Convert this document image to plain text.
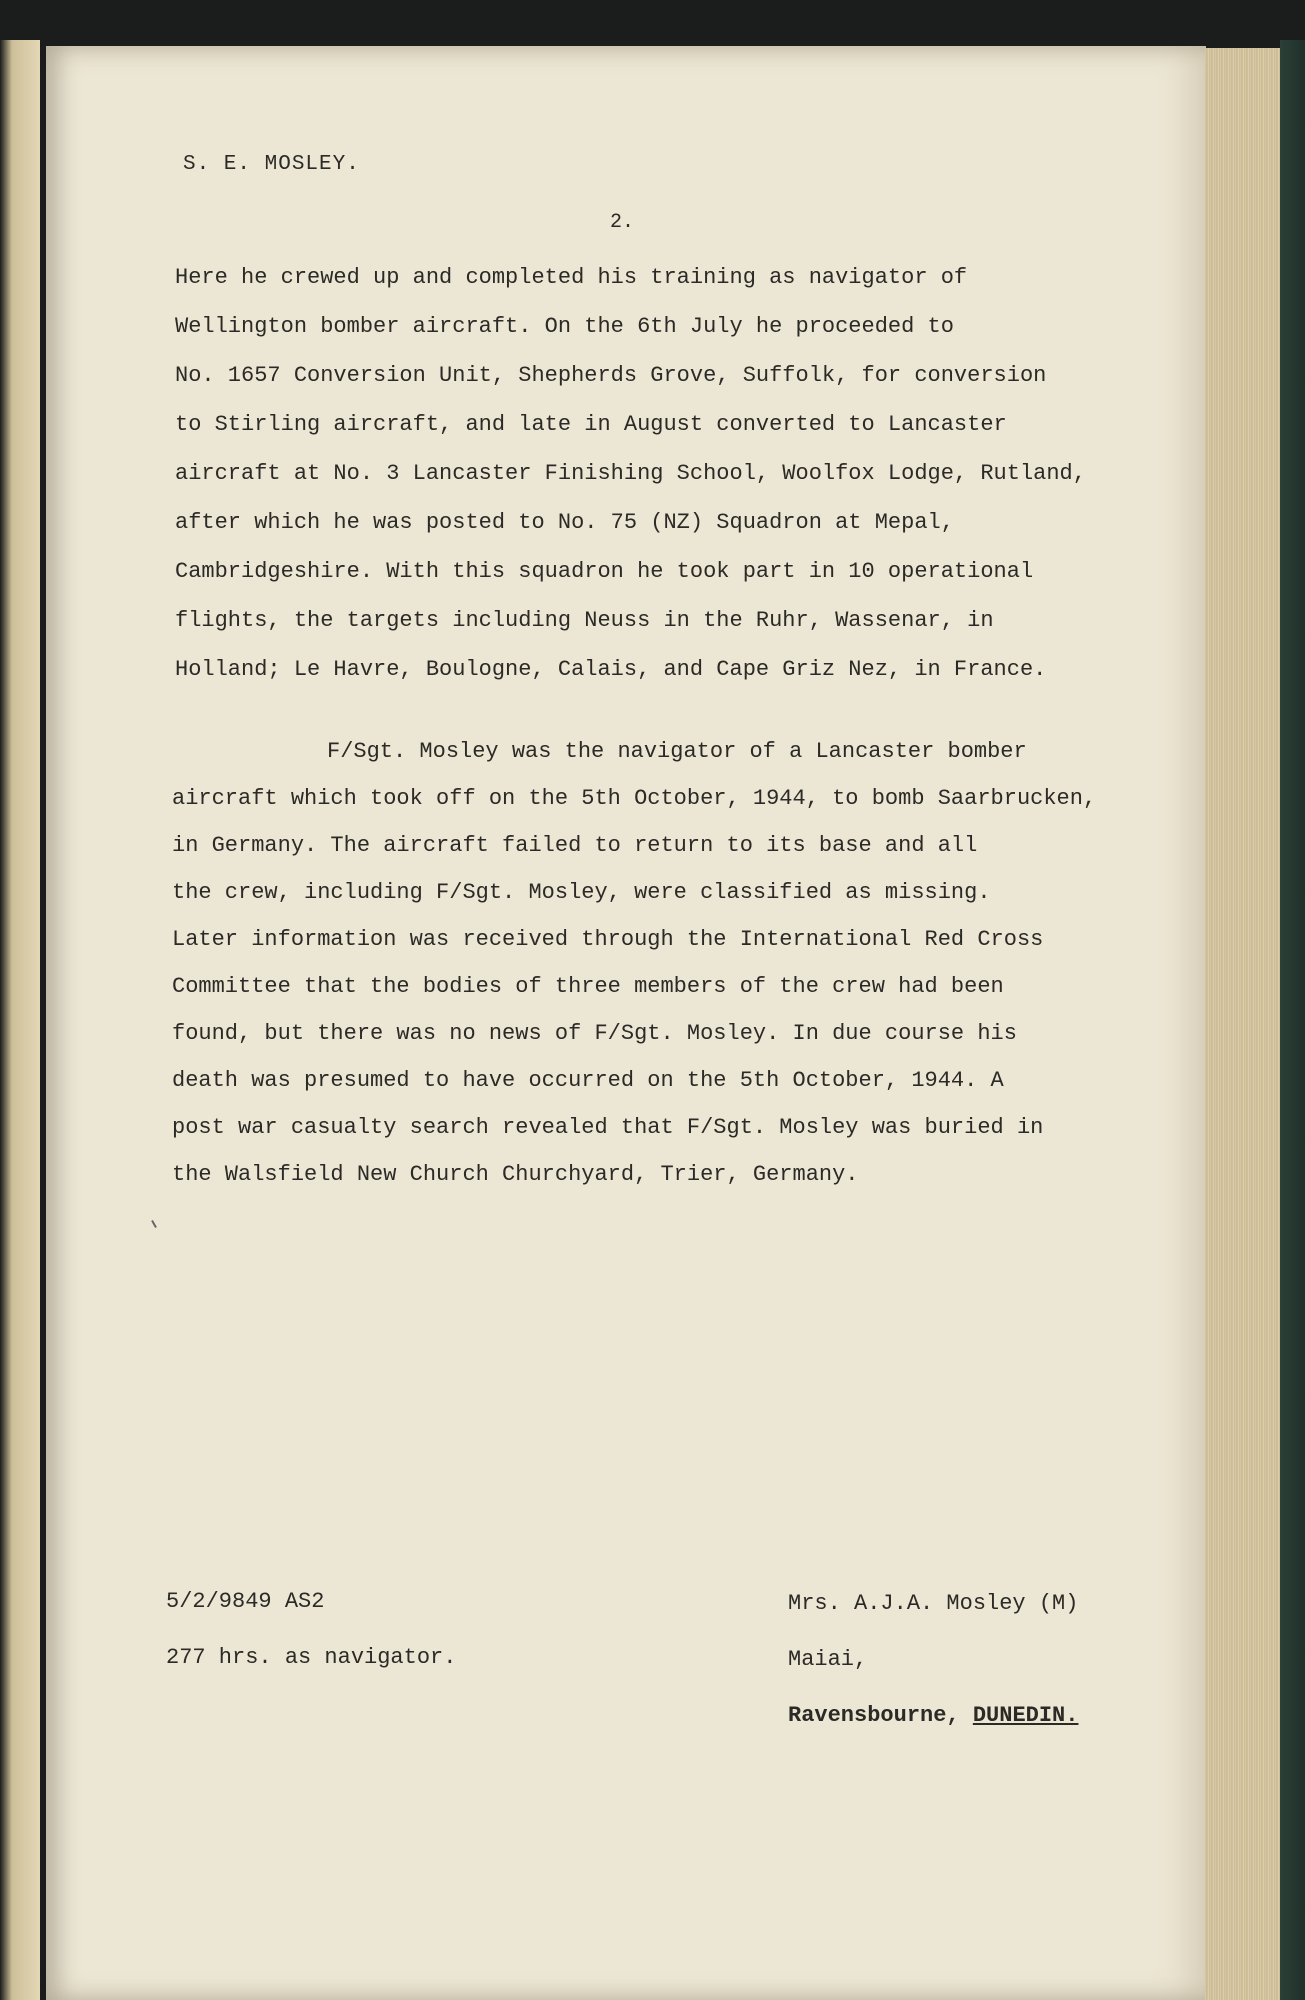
S. E. MOSLEY.
2.
Here he crewed up and completed his training as navigator of
Wellington bomber aircraft. On the 6th July he proceeded to
No. 1657 Conversion Unit, Shepherds Grove, Suffolk, for conversion
to Stirling aircraft, and late in August converted to Lancaster
aircraft at No. 3 Lancaster Finishing School, Woolfox Lodge, Rutland,
after which he was posted to No. 75 (NZ) Squadron at Mepal,
Cambridgeshire. With this squadron he took part in 10 operational
flights, the targets including Neuss in the Ruhr, Wassenar, in
Holland; Le Havre, Boulogne, Calais, and Cape Griz Nez, in France.
F/Sgt. Mosley was the navigator of a Lancaster bomber
aircraft which took off on the 5th October, 1944, to bomb Saarbrucken,
in Germany. The aircraft failed to return to its base and all
the crew, including F/Sgt. Mosley, were classified as missing.
Later information was received through the International Red Cross
Committee that the bodies of three members of the crew had been
found, but there was no news of F/Sgt. Mosley. In due course his
death was presumed to have occurred on the 5th October, 1944. A
post war casualty search revealed that F/Sgt. Mosley was buried in
the Walsfield New Church Churchyard, Trier, Germany.
5/2/9849 AS2
277 hrs. as navigator.
Mrs. A.J.A. Mosley (M)
Maiai,
Ravensbourne, DUNEDIN.
